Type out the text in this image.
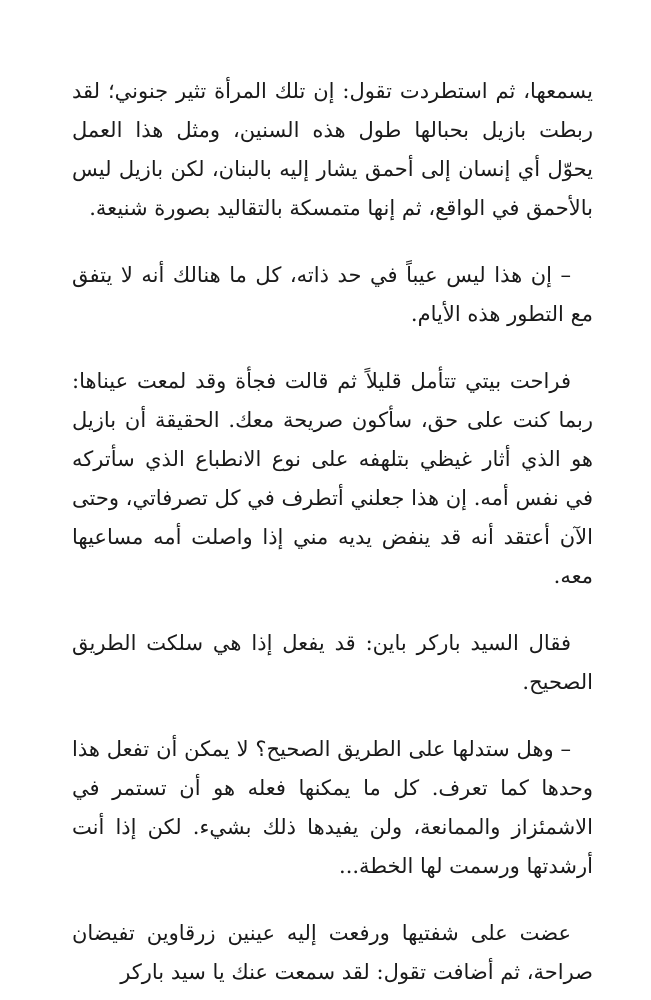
يسمعها، ثم استطردت تقول: إن تلك المرأة تثير جنوني؛ لقد ربطت بازيل بحبالها طول هذه السنين، ومثل هذا العمل يحوّل أي إنسان إلى أحمق يشار إليه بالبنان، لكن بازيل ليس بالأحمق في الواقع، ثم إنها متمسكة بالتقاليد بصورة شنيعة.

– إن هذا ليس عيباً في حد ذاته، كل ما هنالك أنه لا يتفق مع التطور هذه الأيام.

فراحت بيتي تتأمل قليلاً ثم قالت فجأة وقد لمعت عيناها: ربما كنت على حق، سأكون صريحة معك. الحقيقة أن بازيل هو الذي أثار غيظي بتلهفه على نوع الانطباع الذي سأتركه في نفس أمه. إن هذا جعلني أتطرف في كل تصرفاتي، وحتى الآن أعتقد أنه قد ينفض يديه مني إذا واصلت أمه مساعيها معه.

فقال السيد باركر باين: قد يفعل إذا هي سلكت الطريق الصحيح.

– وهل ستدلها على الطريق الصحيح؟ لا يمكن أن تفعل هذا وحدها كما تعرف. كل ما يمكنها فعله هو أن تستمر في الاشمئزاز والممانعة، ولن يفيدها ذلك بشيء. لكن إذا أنت أرشدتها ورسمت لها الخطة...

عضت على شفتيها ورفعت إليه عينين زرقاوين تفيضان صراحة، ثم أضافت تقول: لقد سمعت عنك يا سيد باركر
